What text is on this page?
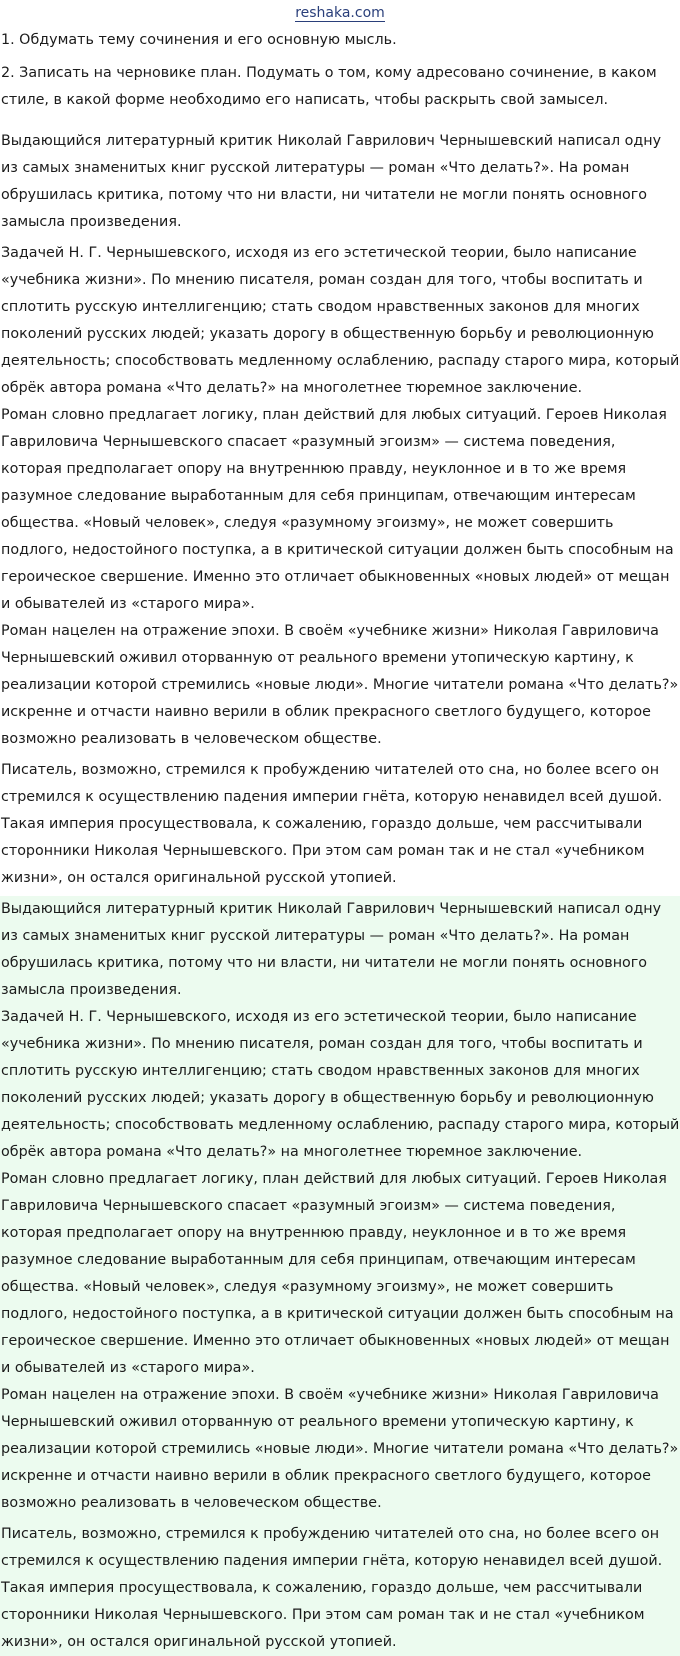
reshaka.com

1. Обдумать тему сочинения и его основную мысль.

2. Записать на черновике план. Подумать о том, кому адресовано сочинение, в каком стиле, в какой форме необходимо его написать, чтобы раскрыть свой замысел.

Выдающийся литературный критик Николай Гаврилович Чернышевский написал одну из самых знаменитых книг русской литературы — роман «Что делать?». На роман обрушилась критика, потому что ни власти, ни читатели не могли понять основного замысла произведения.

Задачей Н. Г. Чернышевского, исходя из его эстетической теории, было написание «учебника жизни». По мнению писателя, роман создан для того, чтобы воспитать и сплотить русскую интеллигенцию; стать сводом нравственных законов для многих поколений русских людей; указать дорогу в общественную борьбу и революционную деятельность; способствовать медленному ослаблению, распаду старого мира, который обрёк автора романа «Что делать?» на многолетнее тюремное заключение.

Роман словно предлагает логику, план действий для любых ситуаций. Героев Николая Гавриловича Чернышевского спасает «разумный эгоизм» — система поведения, которая предполагает опору на внутреннюю правду, неуклонное и в то же время разумное следование выработанным для себя принципам, отвечающим интересам общества. «Новый человек», следуя «разумному эгоизму», не может совершить подлого, недостойного поступка, а в критической ситуации должен быть способным на героическое свершение. Именно это отличает обыкновенных «новых людей» от мещан и обывателей из «старого мира».

Роман нацелен на отражение эпохи. В своём «учебнике жизни» Николая Гавриловича Чернышевский оживил оторванную от реального времени утопическую картину, к реализации которой стремились «новые люди». Многие читатели романа «Что делать?» искренне и отчасти наивно верили в облик прекрасного светлого будущего, которое возможно реализовать в человеческом обществе.

Писатель, возможно, стремился к пробуждению читателей ото сна, но более всего он стремился к осуществлению падения империи гнёта, которую ненавидел всей душой. Такая империя просуществовала, к сожалению, гораздо дольше, чем рассчитывали сторонники Николая Чернышевского. При этом сам роман так и не стал «учебником жизни», он остался оригинальной русской утопией.

Выдающийся литературный критик Николай Гаврилович Чернышевский написал одну из самых знаменитых книг русской литературы — роман «Что делать?». На роман обрушилась критика, потому что ни власти, ни читатели не могли понять основного замысла произведения.

Задачей Н. Г. Чернышевского, исходя из его эстетической теории, было написание «учебника жизни». По мнению писателя, роман создан для того, чтобы воспитать и сплотить русскую интеллигенцию; стать сводом нравственных законов для многих поколений русских людей; указать дорогу в общественную борьбу и революционную деятельность; способствовать медленному ослаблению, распаду старого мира, который обрёк автора романа «Что делать?» на многолетнее тюремное заключение.

Роман словно предлагает логику, план действий для любых ситуаций. Героев Николая Гавриловича Чернышевского спасает «разумный эгоизм» — система поведения, которая предполагает опору на внутреннюю правду, неуклонное и в то же время разумное следование выработанным для себя принципам, отвечающим интересам общества. «Новый человек», следуя «разумному эгоизму», не может совершить подлого, недостойного поступка, а в критической ситуации должен быть способным на героическое свершение. Именно это отличает обыкновенных «новых людей» от мещан и обывателей из «старого мира».

Роман нацелен на отражение эпохи. В своём «учебнике жизни» Николая Гавриловича Чернышевский оживил оторванную от реального времени утопическую картину, к реализации которой стремились «новые люди». Многие читатели романа «Что делать?» искренне и отчасти наивно верили в облик прекрасного светлого будущего, которое возможно реализовать в человеческом обществе.

Писатель, возможно, стремился к пробуждению читателей ото сна, но более всего он стремился к осуществлению падения империи гнёта, которую ненавидел всей душой. Такая империя просуществовала, к сожалению, гораздо дольше, чем рассчитывали сторонники Николая Чернышевского. При этом сам роман так и не стал «учебником жизни», он остался оригинальной русской утопией.
